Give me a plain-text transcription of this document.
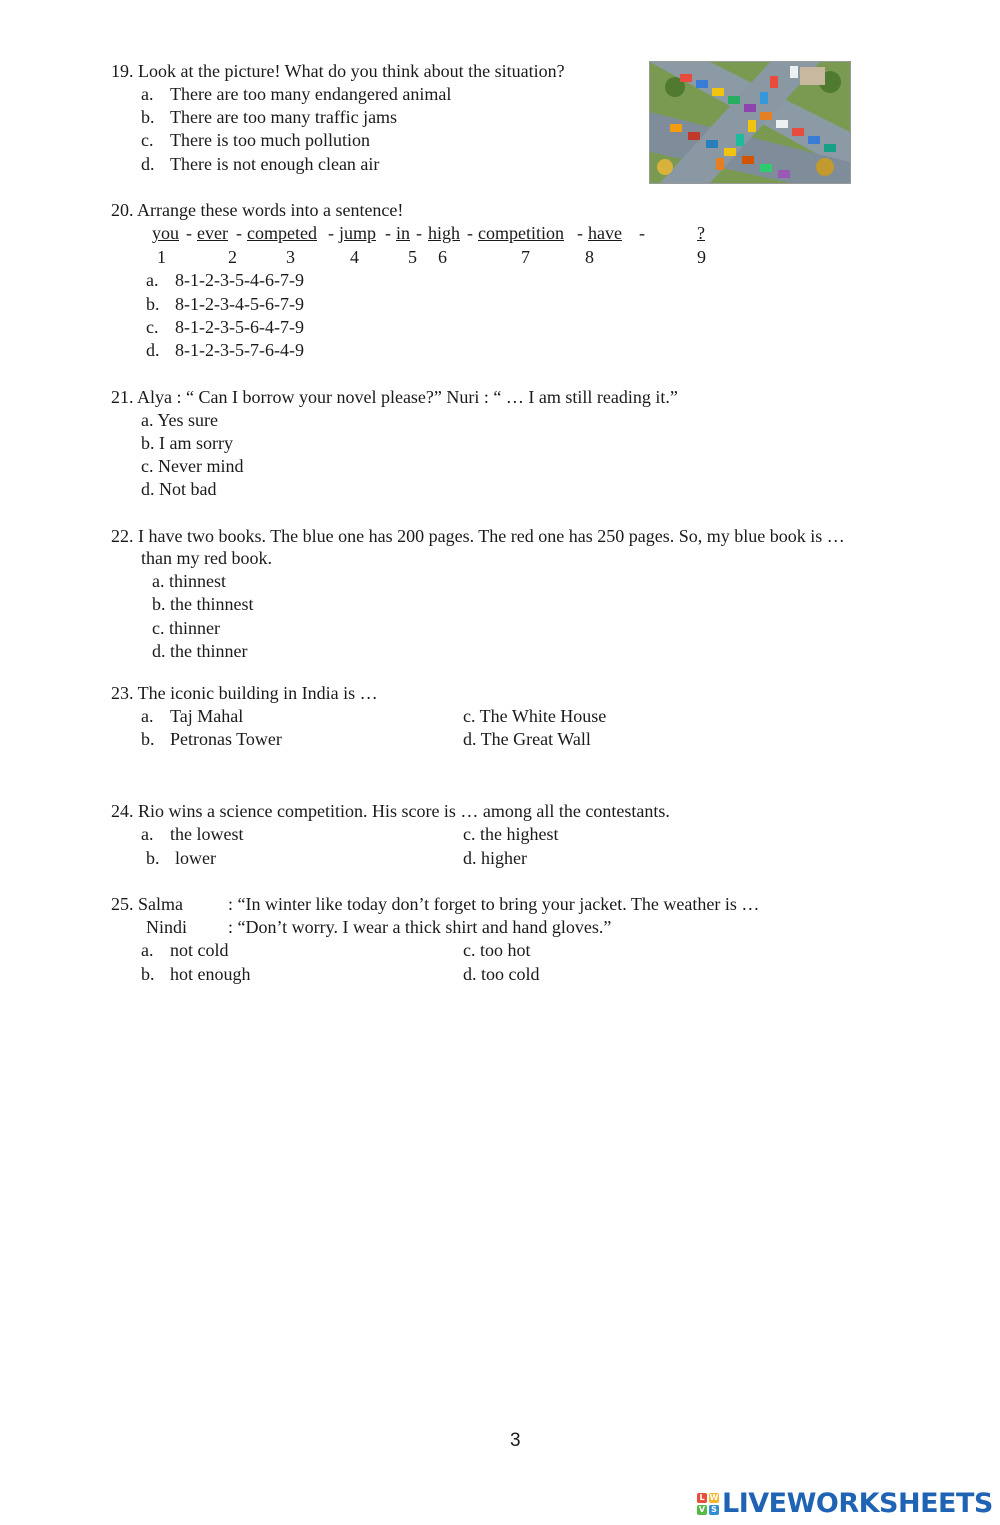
19. Look at the picture! What do you think about the situation?
a. There are too many endangered animal
b. There are too many traffic jams
c. There is too much pollution
d. There is not enough clean air
20. Arrange these words into a sentence!
you - ever - competed - jump - in - high - competition - have -	?
1	2	3	4	5 6	7	8	9
a. 8-1-2-3-5-4-6-7-9
b. 8-1-2-3-4-5-6-7-9
c. 8-1-2-3-5-6-4-7-9
d. 8-1-2-3-5-7-6-4-9
21. Alya : “ Can I borrow your novel please?” Nuri : “ … I am still reading it.”
a. Yes sure
b. I am sorry
c. Never mind
d. Not bad
22. I have two books. The blue one has 200 pages. The red one has 250 pages. So, my blue book is …
than my red book.
a. thinnest
b. the thinnest
c. thinner
d. the thinner
23. The iconic building in India is …
a. Taj Mahal
b. Petronas Tower
c. The White House
d. The Great Wall
24. Rio wins a science competition. His score is … among all the contestants.
a. the lowest
b. lower
c. the highest
d. higher
25. Salma	: “In winter like today don’t forget to bring your jacket. The weather is …
Nindi : “Don’t worry. I wear a thick shirt and hand gloves.”
a. not cold
b. hot enough
c. too hot
d. too cold
3
L W
V S LIVEWORKSHEETS
